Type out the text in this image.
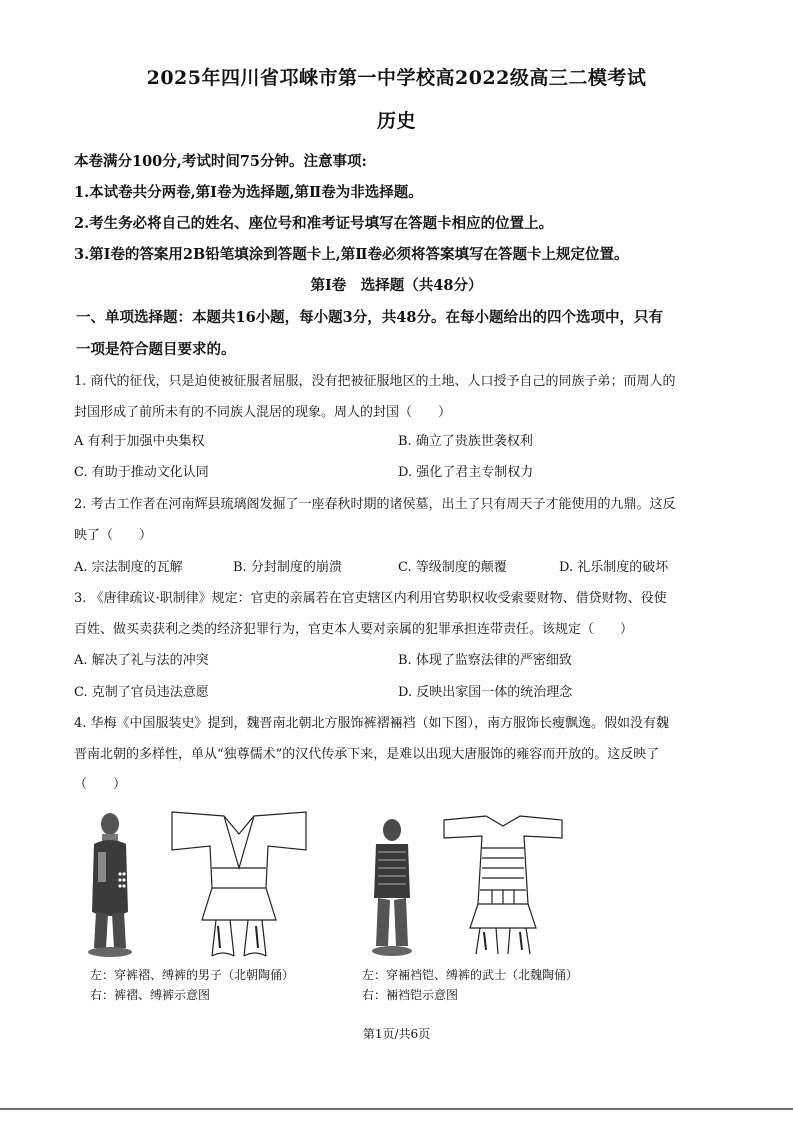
2025年四川省邛崃市第一中学校高2022级高三二模考试
历史
本卷满分100分,考试时间75分钟。注意事项:
1.本试卷共分两卷,第Ⅰ卷为选择题,第Ⅱ卷为非选择题。
2.考生务必将自己的姓名、座位号和准考证号填写在答题卡相应的位置上。
3.第Ⅰ卷的答案用2B铅笔填涂到答题卡上,第Ⅱ卷必须将答案填写在答题卡上规定位置。
第Ⅰ卷　选择题（共48分）
一、单项选择题：本题共16小题，每小题3分，共48分。在每小题给出的四个选项中，只有
一项是符合题目要求的。
1. 商代的征伐，只是迫使被征服者屈服，没有把被征服地区的土地、人口授予自己的同族子弟；而周人的
封国形成了前所未有的不同族人混居的现象。周人的封国（　　）
A 有利于加强中央集权	B. 确立了贵族世袭权利
C. 有助于推动文化认同	D. 强化了君主专制权力
2. 考古工作者在河南辉县琉璃阁发掘了一座春秋时期的诸侯墓，出土了只有周天子才能使用的九鼎。这反
映了（　　）
A. 宗法制度的瓦解	B. 分封制度的崩溃	C. 等级制度的颠覆	D. 礼乐制度的破坏
3. 《唐律疏议·职制律》规定：官吏的亲属若在官吏辖区内利用官势职权收受索要财物、借贷财物、役使
百姓、做买卖获利之类的经济犯罪行为，官吏本人要对亲属的犯罪承担连带责任。该规定（　　）
A. 解决了礼与法的冲突	B. 体现了监察法律的严密细致
C. 克制了官员违法意愿	D. 反映出家国一体的统治理念
4. 华梅《中国服装史》提到，魏晋南北朝北方服饰裤褶裲裆（如下图），南方服饰长瘦飘逸。假如没有魏
晋南北朝的多样性，单从“独尊儒术”的汉代传承下来，是难以出现大唐服饰的雍容而开放的。这反映了
（　　）
左：穿裤褶、缚裤的男子（北朝陶俑）
右：裤褶、缚裤示意图
左：穿裲裆铠、缚裤的武士（北魏陶俑）
右：裲裆铠示意图
第1页/共6页
